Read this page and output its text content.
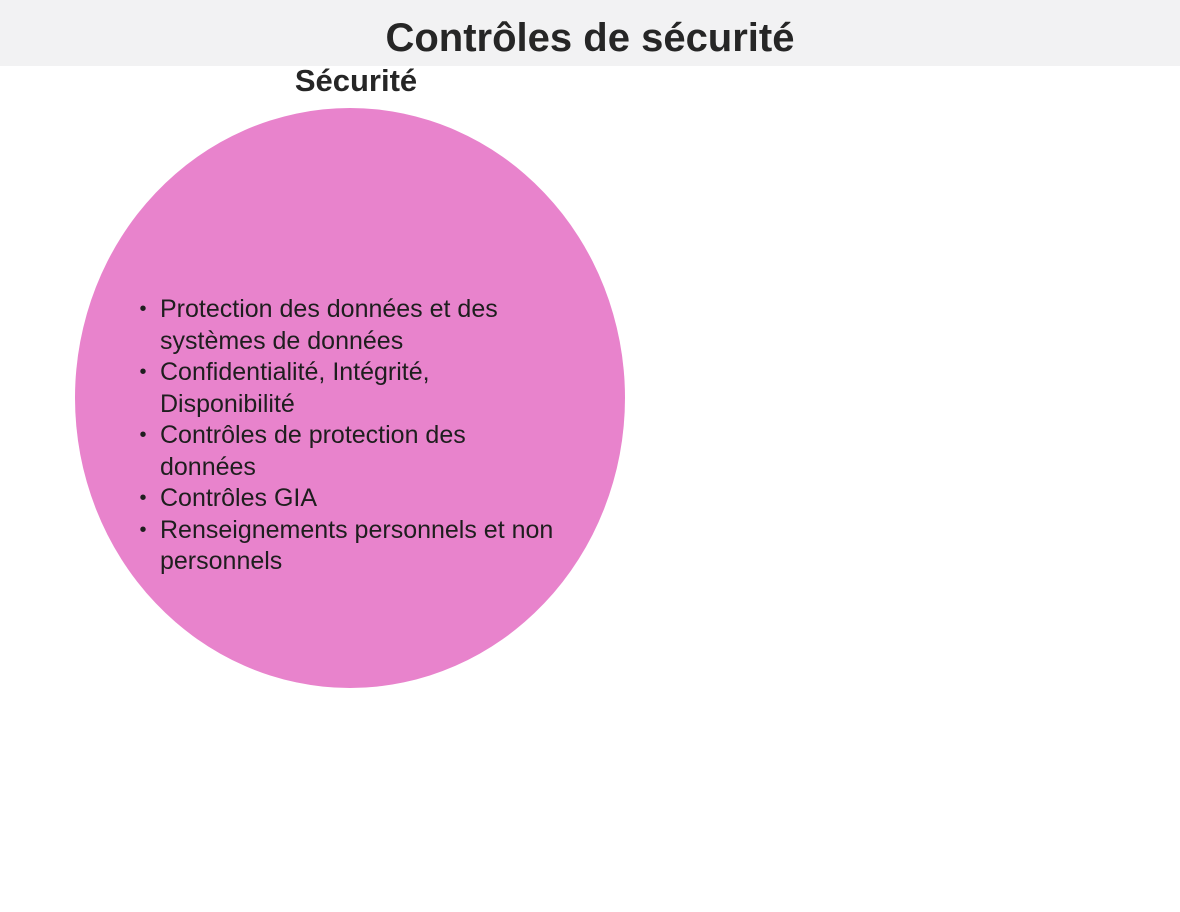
Contrôles de sécurité
Sécurité
• Protection des données et des systèmes de données
• Confidentialité, Intégrité, Disponibilité
• Contrôles de protection des données
• Contrôles GIA
• Renseignements personnels et non personnels
